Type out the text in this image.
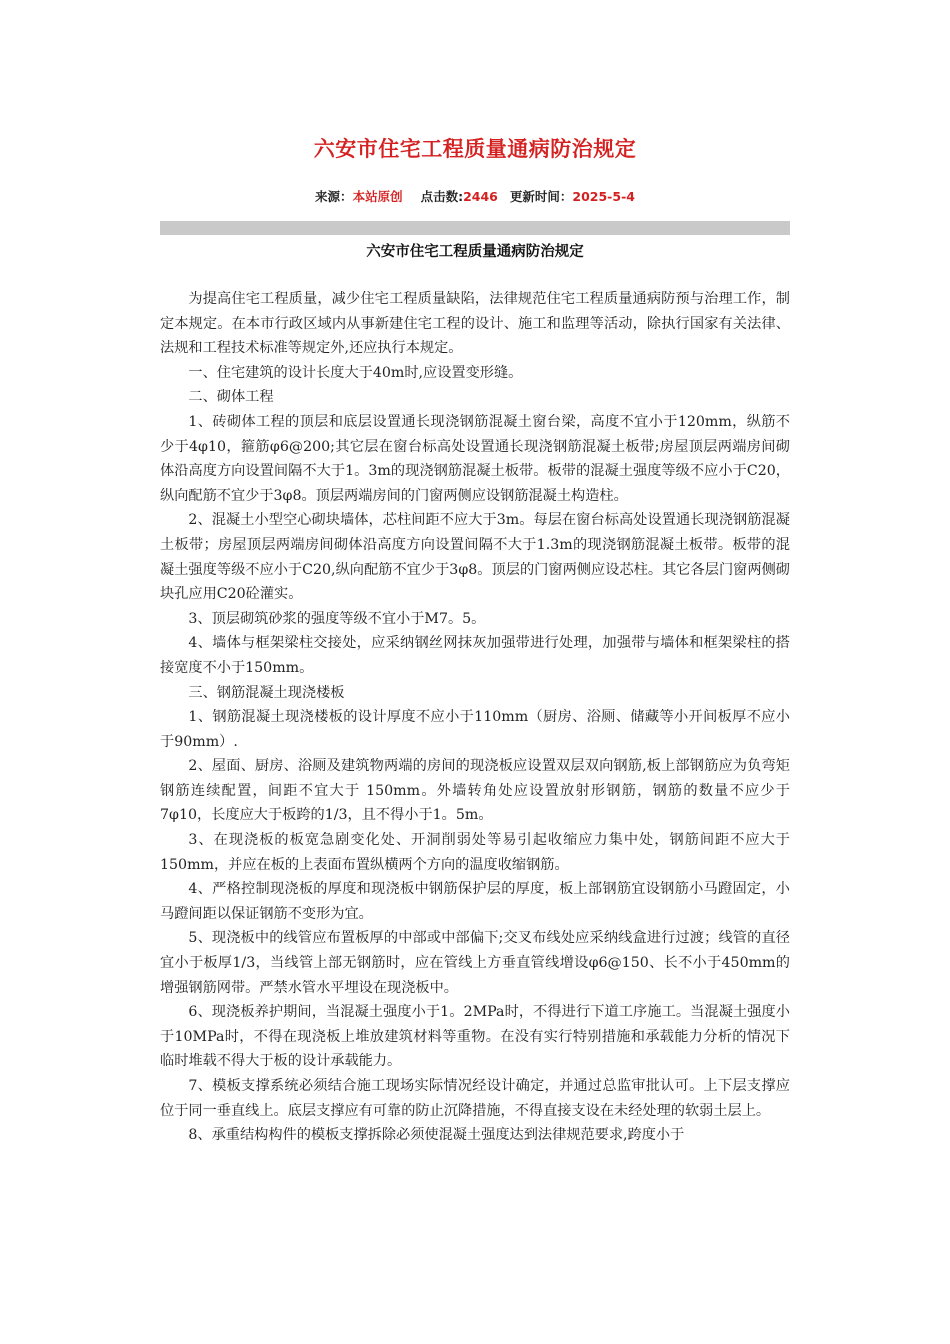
六安市住宅工程质量通病防治规定
来源：本站原创 点击数:2446 更新时间：2025-5-4
六安市住宅工程质量通病防治规定

为提高住宅工程质量，减少住宅工程质量缺陷，法律规范住宅工程质量通病防预与治理工作，制定本规定。在本市行政区域内从事新建住宅工程的设计、施工和监理等活动，除执行国家有关法律、法规和工程技术标准等规定外,还应执行本规定。

一、住宅建筑的设计长度大于40m时,应设置变形缝。

二、砌体工程

1、砖砌体工程的顶层和底层设置通长现浇钢筋混凝土窗台梁，高度不宜小于120mm，纵筋不少于4φ10，箍筋φ6@200;其它层在窗台标高处设置通长现浇钢筋混凝土板带;房屋顶层两端房间砌体沿高度方向设置间隔不大于1。3m的现浇钢筋混凝土板带。板带的混凝土强度等级不应小于C20，纵向配筋不宜少于3φ8。顶层两端房间的门窗两侧应设钢筋混凝土构造柱。

2、混凝土小型空心砌块墙体，芯柱间距不应大于3m。每层在窗台标高处设置通长现浇钢筋混凝土板带；房屋顶层两端房间砌体沿高度方向设置间隔不大于1.3m的现浇钢筋混凝土板带。板带的混凝土强度等级不应小于C20,纵向配筋不宜少于3φ8。顶层的门窗两侧应设芯柱。其它各层门窗两侧砌块孔应用C20砼灌实。

3、顶层砌筑砂浆的强度等级不宜小于M7。5。

4、墙体与框架梁柱交接处，应采纳钢丝网抹灰加强带进行处理，加强带与墙体和框架梁柱的搭接宽度不小于150mm。

三、钢筋混凝土现浇楼板

1、钢筋混凝土现浇楼板的设计厚度不应小于110mm（厨房、浴厕、储藏等小开间板厚不应小于90mm）.

2、屋面、厨房、浴厕及建筑物两端的房间的现浇板应设置双层双向钢筋,板上部钢筋应为负弯矩钢筋连续配置，间距不宜大于 150mm。外墙转角处应设置放射形钢筋，钢筋的数量不应少于7φ10，长度应大于板跨的1/3，且不得小于1。5m。

3、在现浇板的板宽急剧变化处、开洞削弱处等易引起收缩应力集中处，钢筋间距不应大于150mm，并应在板的上表面布置纵横两个方向的温度收缩钢筋。

4、严格控制现浇板的厚度和现浇板中钢筋保护层的厚度，板上部钢筋宜设钢筋小马蹬固定，小马蹬间距以保证钢筋不变形为宜。

5、现浇板中的线管应布置板厚的中部或中部偏下;交叉布线处应采纳线盒进行过渡；线管的直径宜小于板厚1/3，当线管上部无钢筋时，应在管线上方垂直管线增设φ6@150、长不小于450mm的增强钢筋网带。严禁水管水平埋设在现浇板中。

6、现浇板养护期间，当混凝土强度小于1。2MPa时，不得进行下道工序施工。当混凝土强度小于10MPa时，不得在现浇板上堆放建筑材料等重物。在没有实行特别措施和承载能力分析的情况下临时堆载不得大于板的设计承载能力。

7、模板支撑系统必须结合施工现场实际情况经设计确定，并通过总监审批认可。上下层支撑应位于同一垂直线上。底层支撑应有可靠的防止沉降措施，不得直接支设在未经处理的软弱土层上。

8、承重结构构件的模板支撑拆除必须使混凝土强度达到法律规范要求,跨度小于
